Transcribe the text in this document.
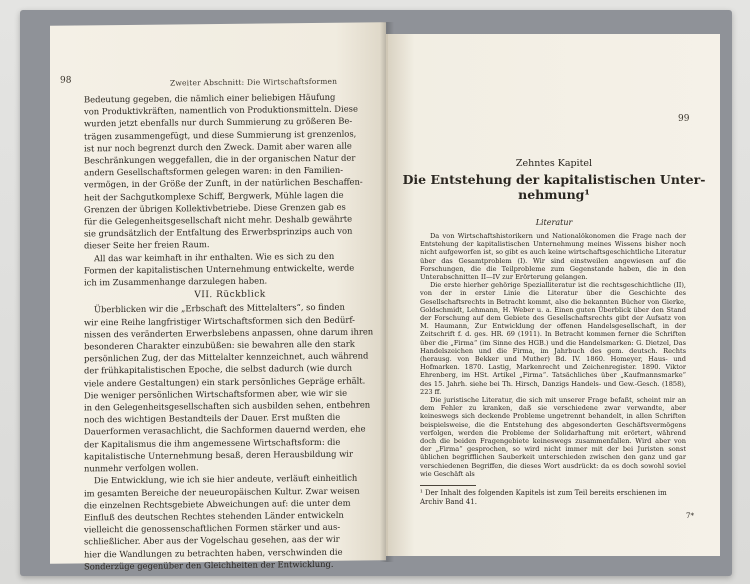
98	Zweiter Abschnitt: Die Wirtschaftsformen
Bedeutung gegeben, die nämlich einer beliebigen Häufung
von Produktivkräften, namentlich von Produktionsmitteln. Diese
wurden jetzt ebenfalls nur durch Summierung zu größeren Be-
trägen zusammengefügt, und diese Summierung ist grenzenlos,
ist nur noch begrenzt durch den Zweck. Damit aber waren alle
Beschränkungen weggefallen, die in der organischen Natur der
andern Gesellschaftsformen gelegen waren: in den Familien-
vermögen, in der Größe der Zunft, in der natürlichen Beschaffen-
heit der Sachgutkomplexe Schiff, Bergwerk, Mühle lagen die
Grenzen der übrigen Kollektivbetriebe. Diese Grenzen gab es
für die Gelegenheitsgesellschaft nicht mehr. Deshalb gewährte
sie grundsätzlich der Entfaltung des Erwerbsprinzips auch von
dieser Seite her freien Raum.
All das war keimhaft in ihr enthalten. Wie es sich zu den
Formen der kapitalistischen Unternehmung entwickelte, werde
ich im Zusammenhange darzulegen haben.
VII. Rückblick
Überblicken wir die „Erbschaft des Mittelalters“, so finden
wir eine Reihe langfristiger Wirtschaftsformen sich den Bedürf-
nissen des veränderten Erwerbslebens anpassen, ohne darum ihren
besonderen Charakter einzubüßen: sie bewahren alle den stark
persönlichen Zug, der das Mittelalter kennzeichnet, auch während
der frühkapitalistischen Epoche, die selbst dadurch (wie durch
viele andere Gestaltungen) ein stark persönliches Gepräge erhält.
Die weniger persönlichen Wirtschaftsformen aber, wie wir sie
in den Gelegenheitsgesellschaften sich ausbilden sehen, entbehren
noch des wichtigen Bestandteils der Dauer. Erst mußten die
Dauerformen verasachlicht, die Sachformen dauernd werden, ehe
der Kapitalismus die ihm angemessene Wirtschaftsform: die
kapitalistische Unternehmung besaß, deren Herausbildung wir
nunmehr verfolgen wollen.
Die Entwicklung, wie ich sie hier andeute, verläuft einheitlich
im gesamten Bereiche der neueuropäischen Kultur. Zwar weisen
die einzelnen Rechtsgebiete Abweichungen auf: die unter dem
Einfluß des deutschen Rechtes stehenden Länder entwickeln
vielleicht die genossenschaftlichen Formen stärker und aus-
schließlicher. Aber aus der Vogelschau gesehen, aas der wir
hier die Wandlungen zu betrachten haben, verschwinden die
Sonderzüge gegenüber den Gleichheiten der Entwicklung.
99
Zehntes Kapitel
Die Entstehung der kapitalistischen Unter-
nehmung¹
Literatur

Da von Wirtschaftshistorikern und Nationalökonomen die Frage nach der Entstehung der kapitalistischen Unternehmung meines Wissens bisher noch nicht aufgeworfen ist, so gibt es auch keine wirtschaftsgeschichtliche Literatur über das Gesamtproblem (I). Wir sind einstweilen angewiesen auf die Forschungen, die die Teilprobleme zum Gegenstande haben, die in den Unterabschnitten II—IV zur Erörterung gelangen.

Die erste hierher gehörige Spezialliteratur ist die rechtsgeschichtliche (II), von der in erster Linie die Literatur über die Geschichte des Gesellschaftsrechts in Betracht kommt, also die bekannten Bücher von Gierke, Goldschmidt, Lehmann, H. Weber u. a. Einen guten Überblick über den Stand der Forschung auf dem Gebiete des Gesellschaftsrechts gibt der Aufsatz von M. Haumann, Zur Entwicklung der offenen Handelsgesellschaft, in der Zeitschrift f. d. ges. HR. 69 (1911). In Betracht kommen ferner die Schriften über die „Firma“ (im Sinne des HGB.) und die Handelsmarken: G. Dietzel, Das Handelszeichen und die Firma, im Jahrbuch des gem. deutsch. Rechts (herausg. von Bekker und Muther) Bd. IV. 1860. Homeyer, Haus- und Hofmarken. 1870. Lastig, Markenrecht und Zeichenregister. 1890. Viktor Ehrenberg, im HSt. Artikel „Firma“. Tatsächliches über „Kaufmannsmarke“ des 15. Jahrh. siehe bei Th. Hirsch, Danzigs Handels- und Gew.-Gesch. (1858), 223 ff.

Die juristische Literatur, die sich mit unserer Frage befaßt, scheint mir an dem Fehler zu kranken, daß sie verschiedene zwar verwandte, aber keineswegs sich deckende Probleme ungetrennt behandelt, in allen Schriften beispielsweise, die die Entstehung des abgesonderten Geschäftsvermögens verfolgen, werden die Probleme der Solidarhaftung mit erörtert, während doch die beiden Fragengebiete keineswegs zusammenfallen. Wird aber von der „Firma“ gesprochen, so wird nicht immer mit der bei Juristen sonst üblichen begrifflichen Sauberkeit unterschieden zwischen den ganz und gar verschiedenen Begriffen, die dieses Wort ausdrückt: da es doch sowohl soviel wie Geschäft als

¹ Der Inhalt des folgenden Kapitels ist zum Teil bereits erschienen im Archiv Band 41.
7*
